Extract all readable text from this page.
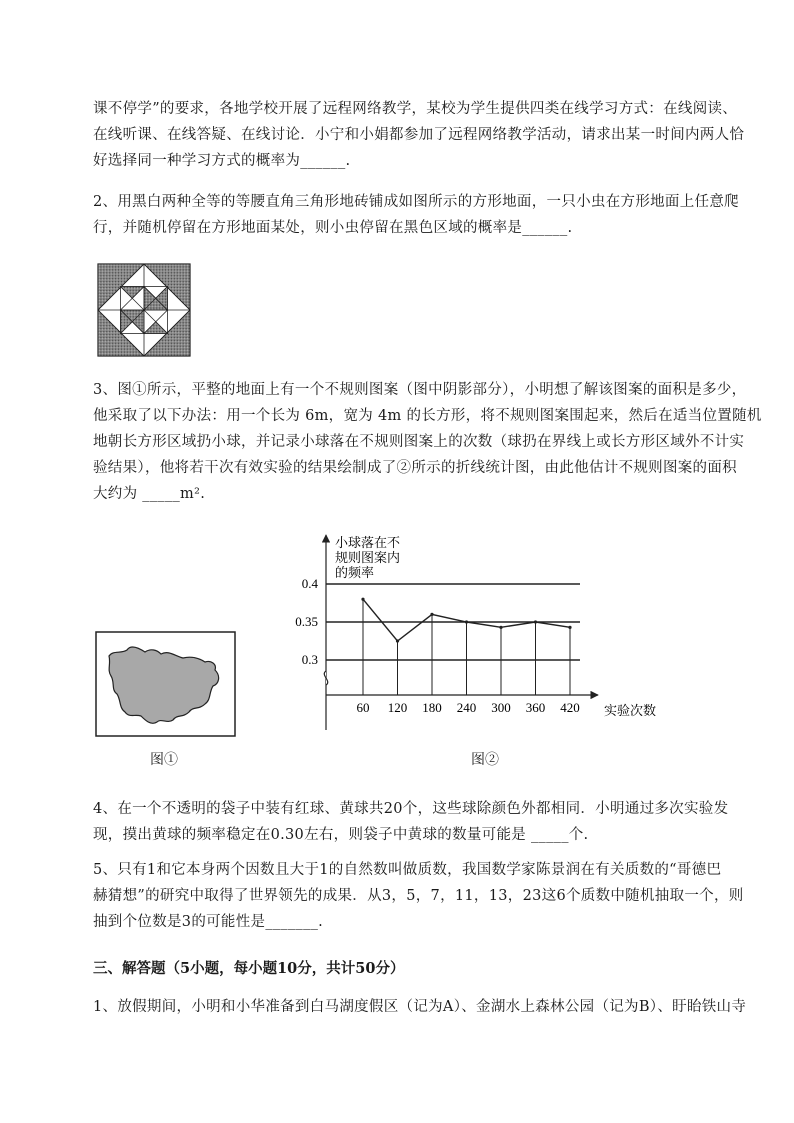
课不停学”的要求，各地学校开展了远程网络教学，某校为学生提供四类在线学习方式：在线阅读、
在线听课、在线答疑、在线讨论．小宁和小娟都参加了远程网络教学活动，请求出某一时间内两人恰
好选择同一种学习方式的概率为______.
2、用黑白两种全等的等腰直角三角形地砖铺成如图所示的方形地面，一只小虫在方形地面上任意爬
行，并随机停留在方形地面某处，则小虫停留在黑色区域的概率是______.
3、图①所示，平整的地面上有一个不规则图案（图中阴影部分），小明想了解该图案的面积是多少，
他采取了以下办法：用一个长为 6m，宽为 4m 的长方形，将不规则图案围起来，然后在适当位置随机
地朝长方形区域扔小球，并记录小球落在不规则图案上的次数（球扔在界线上或长方形区域外不计实
验结果），他将若干次有效实验的结果绘制成了②所示的折线统计图，由此他估计不规则图案的面积
大约为 _____m².
图①
小球落在不
规则图案内
的频率
实验次数
0.3
0.35
0.4
60 120 180 240 300 360 420
图②
4、在一个不透明的袋子中装有红球、黄球共20个，这些球除颜色外都相同．小明通过多次实验发
现，摸出黄球的频率稳定在0.30左右，则袋子中黄球的数量可能是 _____个.
5、只有1和它本身两个因数且大于1的自然数叫做质数，我国数学家陈景润在有关质数的“哥德巴
赫猜想”的研究中取得了世界领先的成果．从3，5，7，11，13，23这6个质数中随机抽取一个，则
抽到个位数是3的可能性是_______.
三、解答题（5小题，每小题10分，共计50分）
1、放假期间，小明和小华准备到白马湖度假区（记为A）、金湖水上森林公园（记为B）、盱眙铁山寺
